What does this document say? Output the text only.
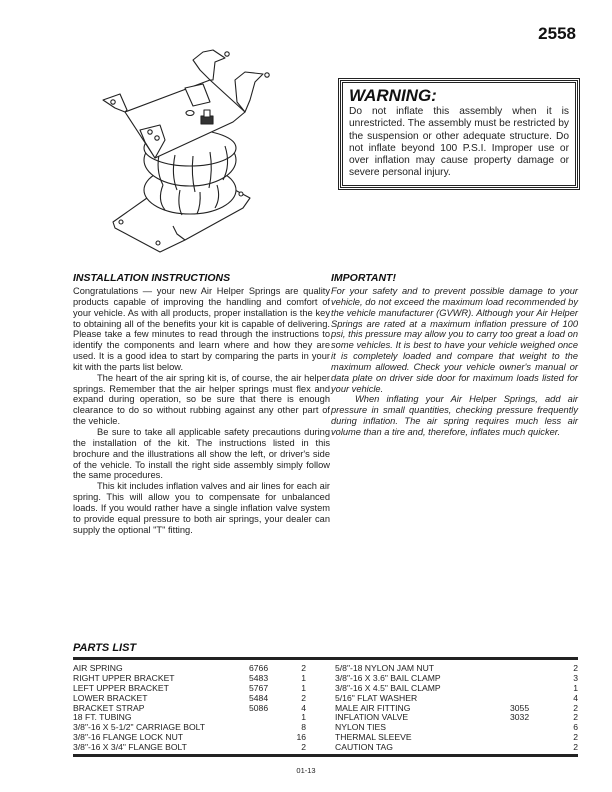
2558
WARNING:

Do not inflate this assembly when it is unrestricted. The assembly must be restricted by the suspension or other adequate structure. Do not inflate beyond 100 P.S.I. Improper use or over inflation may cause property damage or severe personal injury.

INSTALLATION INSTRUCTIONS

Congratulations — your new Air Helper Springs are quality products capable of improving the handling and comfort of your vehicle. As with all products, proper installation is the key to obtaining all of the benefits your kit is capable of delivering. Please take a few minutes to read through the instructions to identify the components and learn where and how they are used. It is a good idea to start by comparing the parts in your kit with the parts list below.

The heart of the air spring kit is, of course, the air helper springs. Remember that the air helper springs must flex and expand during operation, so be sure that there is enough clearance to do so without rubbing against any other part of the vehicle.

Be sure to take all applicable safety precautions during the installation of the kit. The instructions listed in this brochure and the illustrations all show the left, or driver's side of the vehicle. To install the right side assembly simply follow the same procedures.

This kit includes inflation valves and air lines for each air spring. This will allow you to compensate for unbalanced loads. If you would rather have a single inflation valve system to provide equal pressure to both air springs, your dealer can supply the optional "T" fitting.

IMPORTANT!

For your safety and to prevent possible damage to your vehicle, do not exceed the maximum load recommended by the vehicle manufacturer (GVWR). Although your Air Helper Springs are rated at a maximum inflation pressure of 100 psi, this pressure may allow you to carry too great a load on some vehicles. It is best to have your vehicle weighed once it is completely loaded and compare that weight to the maximum allowed. Check your vehicle owner's manual or data plate on driver side door for maximum loads listed for your vehicle.

When inflating your Air Helper Springs, add air pressure in small quantities, checking pressure frequently during inflation. The air spring requires much less air volume than a tire and, therefore, inflates much quicker.

PARTS LIST
AIR SPRING	6766	2	5/8"-18 NYLON JAM NUT	2
RIGHT UPPER BRACKET	5483	1	3/8"-16 X 3.6" BAIL CLAMP	3
LEFT UPPER BRACKET	5767	1	3/8"-16 X 4.5" BAIL CLAMP	1
LOWER BRACKET	5484	2	5/16" FLAT WASHER	4
BRACKET STRAP	5086	4	MALE AIR FITTING	3055	2
18 FT. TUBING	1	INFLATION VALVE	3032	2
3/8"-16 X 5-1/2" CARRIAGE BOLT	8	NYLON TIES	6
3/8"-16 FLANGE LOCK NUT	16	THERMAL SLEEVE	2
3/8"-16 X 3/4" FLANGE BOLT	2	CAUTION TAG	2
01-13
